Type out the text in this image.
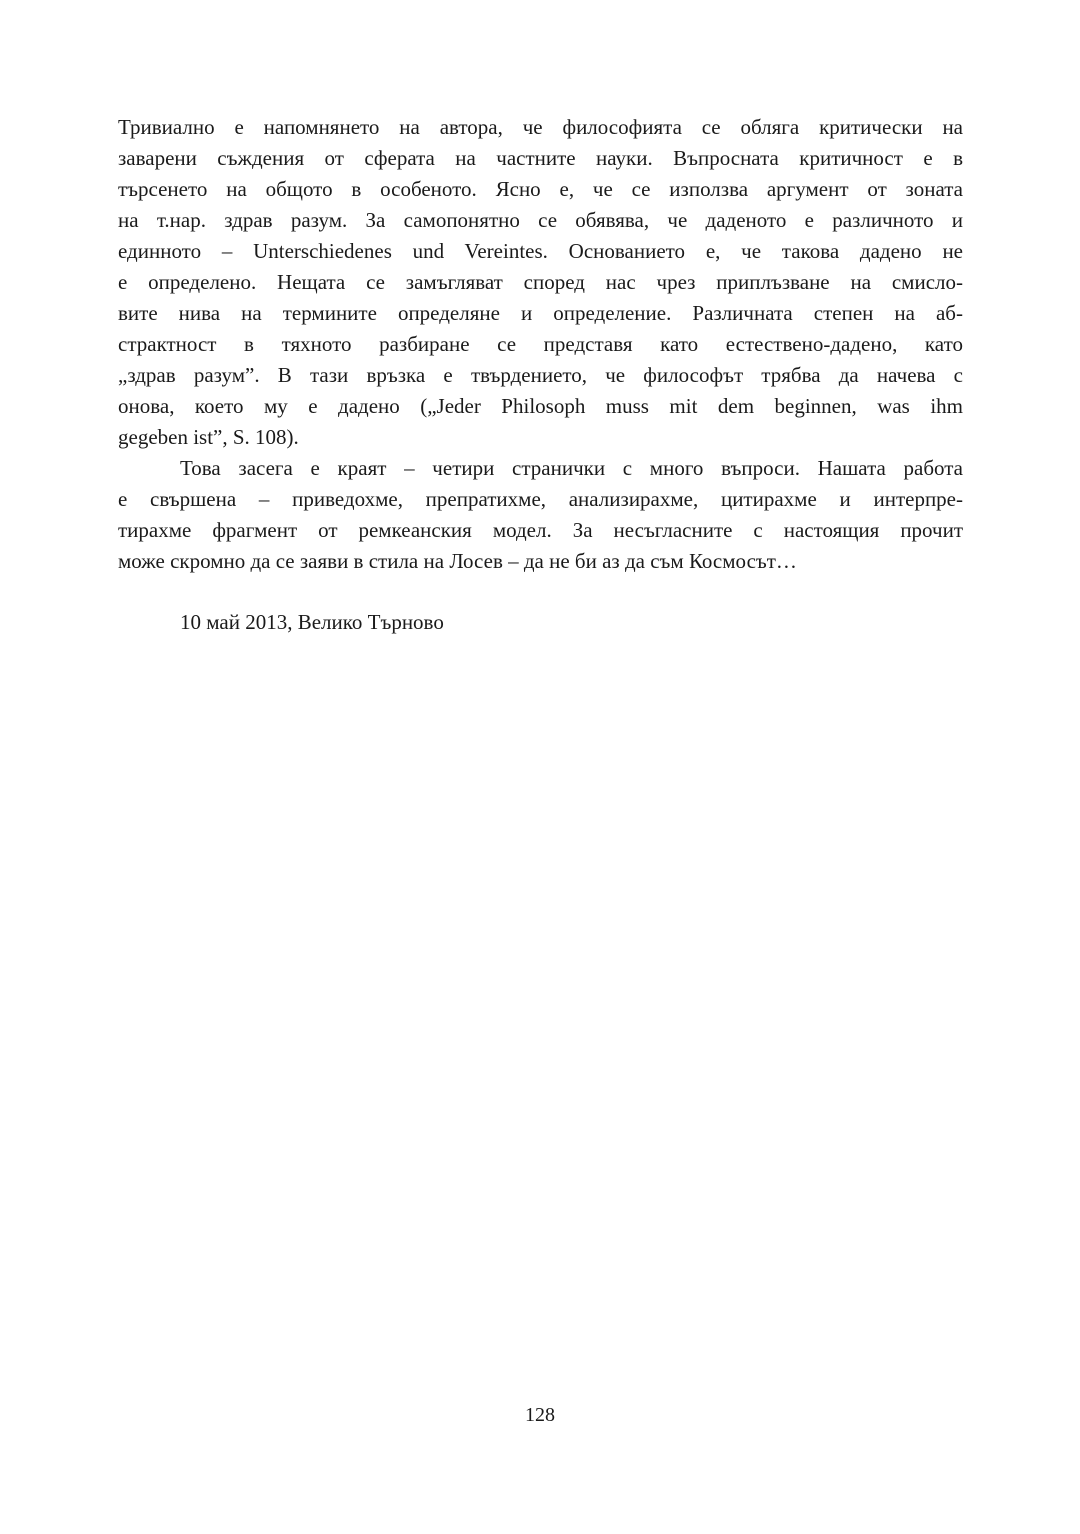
Тривиално е напомнянето на автора, че философията се обляга критически на
заварени съждения от сферата на частните науки. Въпросната критичност е в
търсенето на общото в особеното. Ясно е, че се използва аргумент от зоната
на т.нар. здрав разум. За самопонятно се обявява, че даденото е различното и
единното – Unterschiedenes und Vereintes. Основанието е, че такова дадено не
е определено. Нещата се замъгляват според нас чрез приплъзване на смисло-
вите нива на термините определяне и определение. Различната степен на аб-
страктност в тяхното разбиране се представя като естествено-дадено, като
„здрав разум”. В тази връзка е твърдението, че философът трябва да начева с
онова, което му е дадено („Jeder Philosoph muss mit dem beginnen, was ihm
gegeben ist”, S. 108).
Това засега е краят – четири странички с много въпроси. Нашата работа
е свършена – приведохме, препратихме, анализирахме, цитирахме и интерпре-
тирахме фрагмент от ремкеанския модел. За несъгласните с настоящия прочит
може скромно да се заяви в стила на Лосев – да не би аз да съм Космосът…
10 май 2013, Велико Търново
128
